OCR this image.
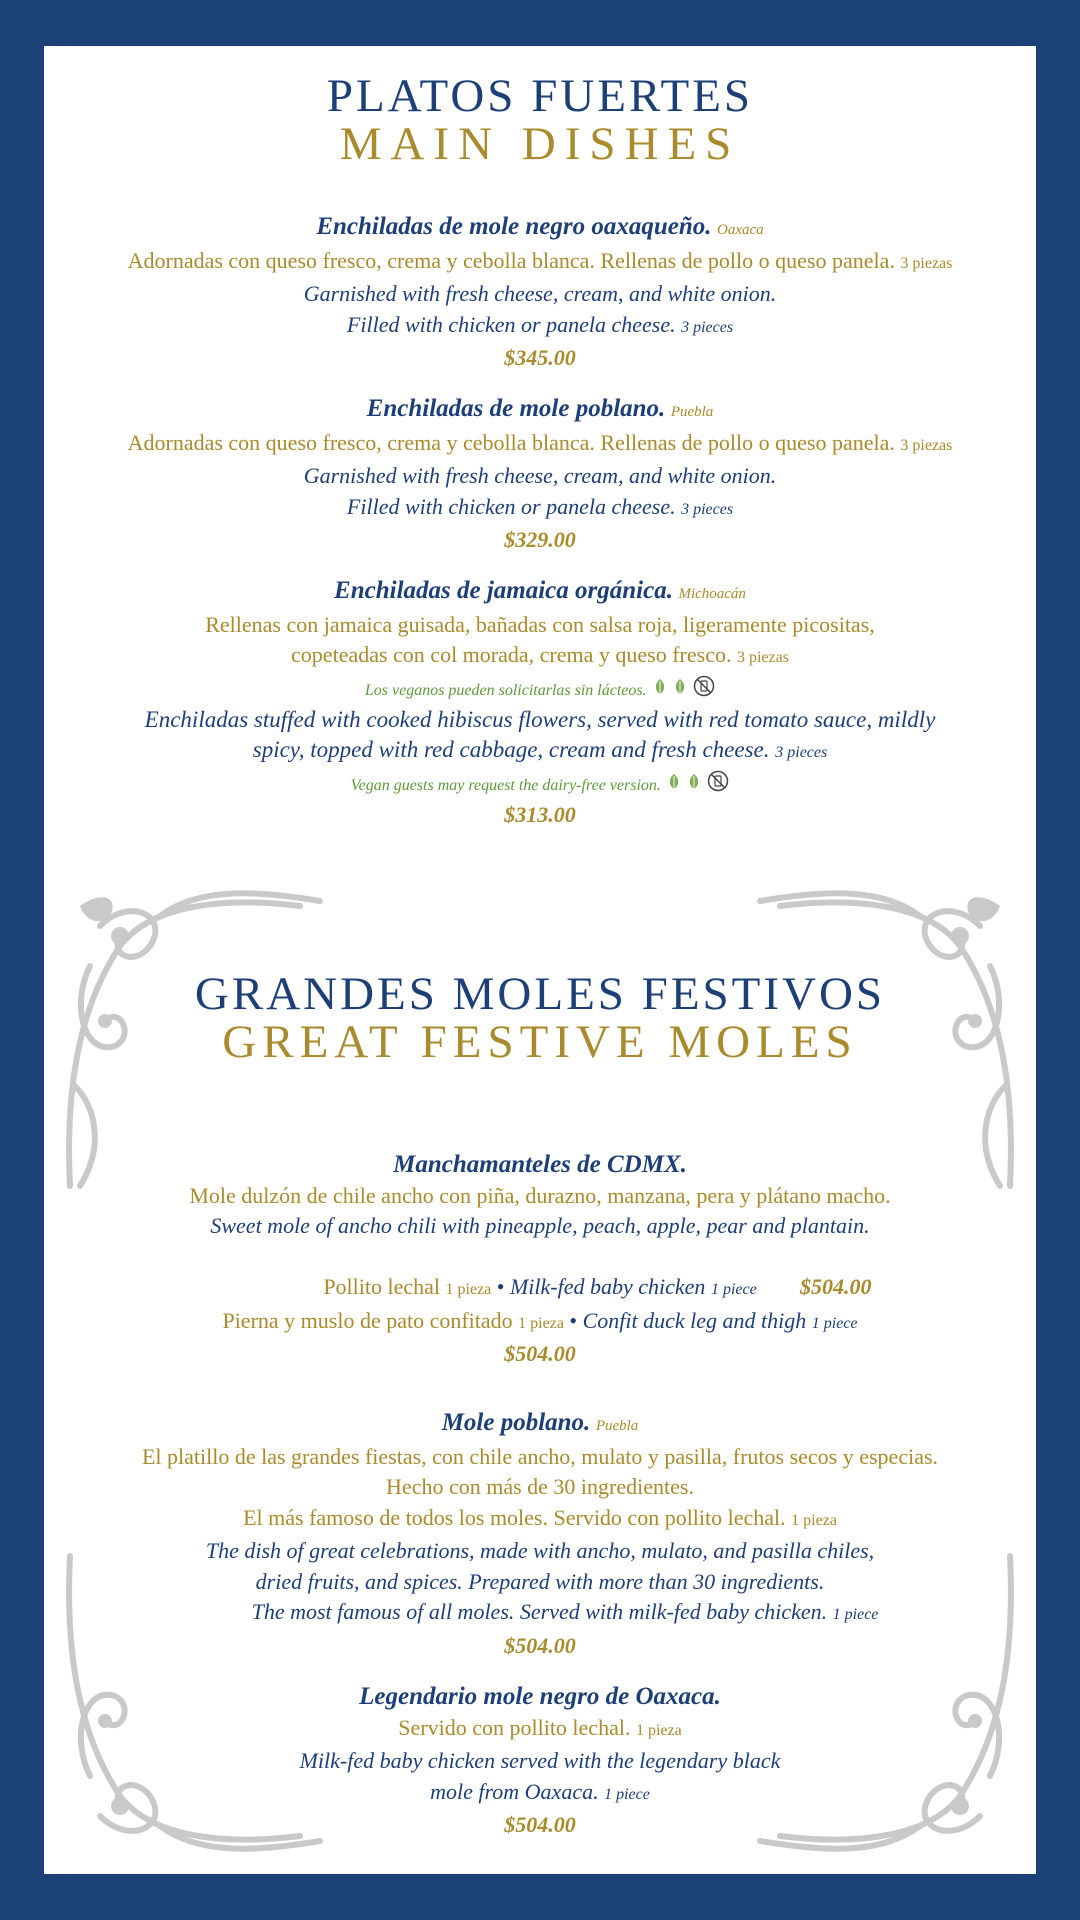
PLATOS FUERTES

MAIN DISHES

Enchiladas de mole negro oaxaqueño. Oaxaca
Adornadas con queso fresco, crema y cebolla blanca. Rellenas de pollo o queso panela. 3 piezas
Garnished with fresh cheese, cream, and white onion.
Filled with chicken or panela cheese. 3 pieces
$345.00
Enchiladas de mole poblano. Puebla
Adornadas con queso fresco, crema y cebolla blanca. Rellenas de pollo o queso panela. 3 piezas
Garnished with fresh cheese, cream, and white onion.
Filled with chicken or panela cheese. 3 pieces
$329.00
Enchiladas de jamaica orgánica. Michoacán
Rellenas con jamaica guisada, bañadas con salsa roja, ligeramente picositas,
copeteadas con col morada, crema y queso fresco. 3 piezas
Los veganos pueden solicitarlas sin lácteos.
Enchiladas stuffed with cooked hibiscus flowers, served with red tomato sauce, mildly
spicy, topped with red cabbage, cream and fresh cheese. 3 pieces
Vegan guests may request the dairy-free version.
$313.00

GRANDES MOLES FESTIVOS

GREAT FESTIVE MOLES

Manchamanteles de CDMX.
Mole dulzón de chile ancho con piña, durazno, manzana, pera y plátano macho.
Sweet mole of ancho chili with pineapple, peach, apple, pear and plantain.

Pollito lechal 1 pieza • Milk-fed baby chicken 1 piece $504.00
Pierna y muslo de pato confitado 1 pieza • Confit duck leg and thigh 1 piece
$504.00
Mole poblano. Puebla
El platillo de las grandes fiestas, con chile ancho, mulato y pasilla, frutos secos y especias.
Hecho con más de 30 ingredientes.
El más famoso de todos los moles. Servido con pollito lechal. 1 pieza
The dish of great celebrations, made with ancho, mulato, and pasilla chiles,
dried fruits, and spices. Prepared with more than 30 ingredients.
The most famous of all moles. Served with milk-fed baby chicken. 1 piece
$504.00
Legendario mole negro de Oaxaca.
Servido con pollito lechal. 1 pieza
Milk-fed baby chicken served with the legendary black
mole from Oaxaca. 1 piece
$504.00
